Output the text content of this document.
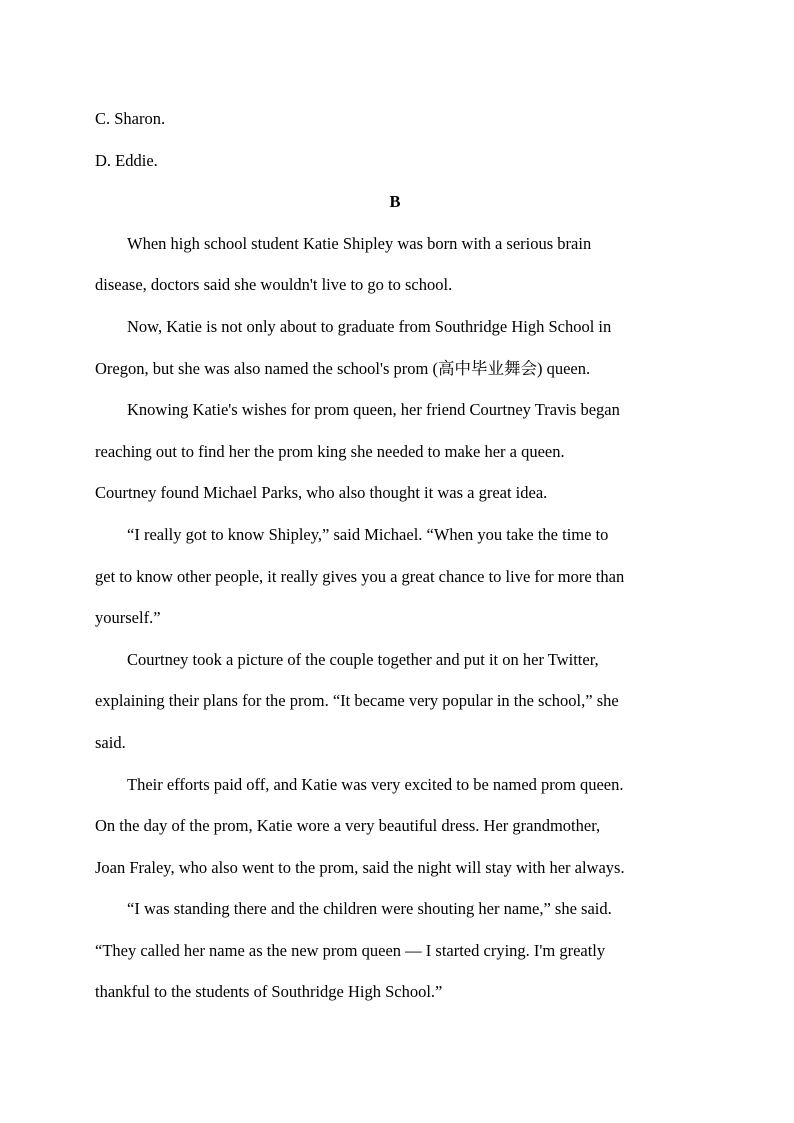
C. Sharon.

D. Eddie.

B

When high school student Katie Shipley was born with a serious brain

disease, doctors said she wouldn't live to go to school.

Now, Katie is not only about to graduate from Southridge High School in

Oregon, but she was also named the school's prom (高中毕业舞会) queen.

Knowing Katie's wishes for prom queen, her friend Courtney Travis began

reaching out to find her the prom king she needed to make her a queen.

Courtney found Michael Parks, who also thought it was a great idea.

“I really got to know Shipley,” said Michael. “When you take the time to

get to know other people, it really gives you a great chance to live for more than

yourself.”

Courtney took a picture of the couple together and put it on her Twitter,

explaining their plans for the prom. “It became very popular in the school,” she

said.

Their efforts paid off, and Katie was very excited to be named prom queen.

On the day of the prom, Katie wore a very beautiful dress. Her grandmother,

Joan Fraley, who also went to the prom, said the night will stay with her always.

“I was standing there and the children were shouting her name,” she said.

“They called her name as the new prom queen — I started crying. I'm greatly

thankful to the students of Southridge High School.”
